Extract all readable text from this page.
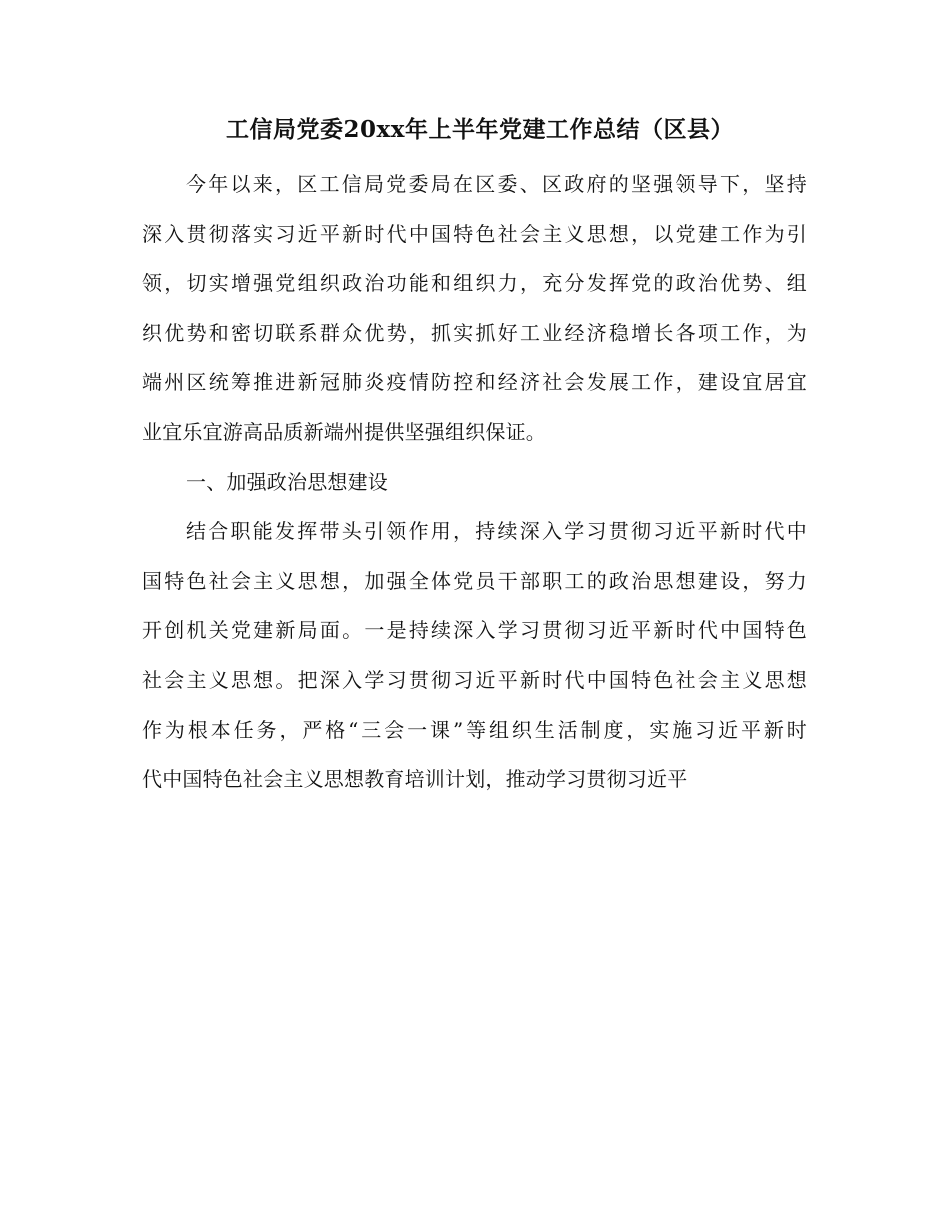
工信局党委20xx年上半年党建工作总结（区县）
今年以来，区工信局党委局在区委、区政府的坚强领导下，坚持
深入贯彻落实习近平新时代中国特色社会主义思想，以党建工作为引
领，切实增强党组织政治功能和组织力，充分发挥党的政治优势、组
织优势和密切联系群众优势，抓实抓好工业经济稳增长各项工作，为
端州区统筹推进新冠肺炎疫情防控和经济社会发展工作，建设宜居宜
业宜乐宜游高品质新端州提供坚强组织保证。
一、加强政治思想建设
结合职能发挥带头引领作用，持续深入学习贯彻习近平新时代中
国特色社会主义思想，加强全体党员干部职工的政治思想建设，努力
开创机关党建新局面。一是持续深入学习贯彻习近平新时代中国特色
社会主义思想。把深入学习贯彻习近平新时代中国特色社会主义思想
作为根本任务，严格“三会一课”等组织生活制度，实施习近平新时
代中国特色社会主义思想教育培训计划，推动学习贯彻习近平
